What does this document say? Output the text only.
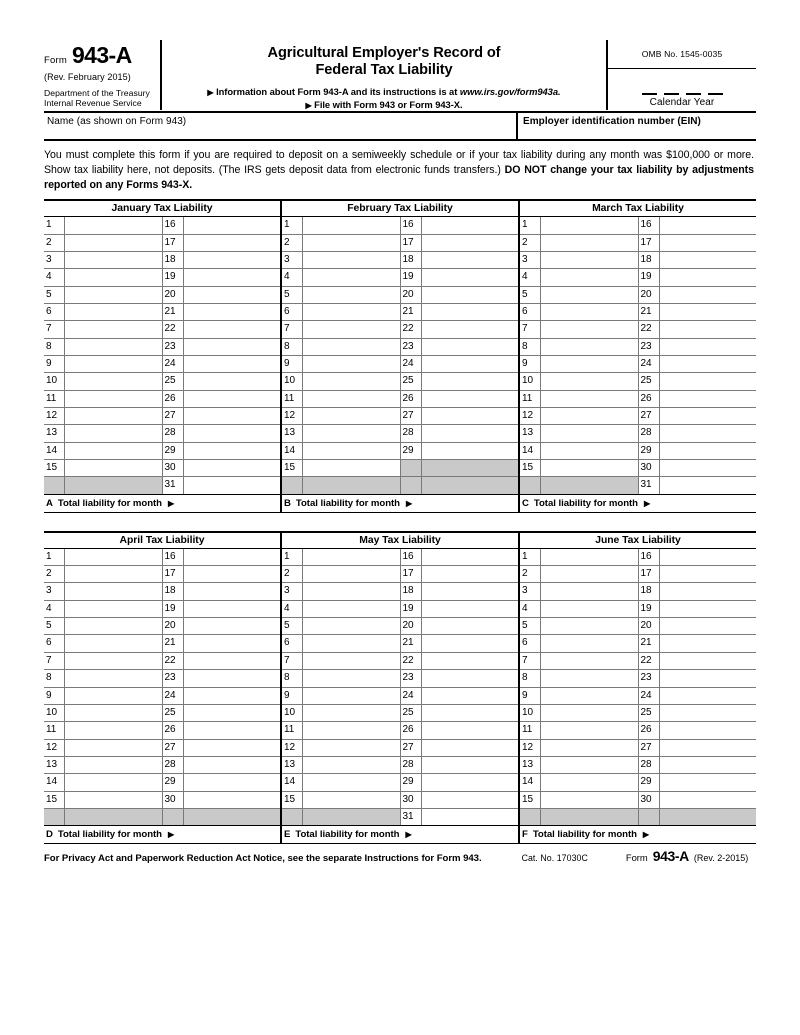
Form 943-A
(Rev. February 2015)
Department of the Treasury
Internal Revenue Service
Agricultural Employer's Record of
Federal Tax Liability
▶ Information about Form 943-A and its instructions is at www.irs.gov/form943a.
▶ File with Form 943 or Form 943-X.
OMB No. 1545-0035
Calendar Year
Name (as shown on Form 943)	Employer identification number (EIN)
You must complete this form if you are required to deposit on a semiweekly schedule or if your tax liability during any month was $100,000 or more. Show tax liability here, not deposits. (The IRS gets deposit data from electronic funds transfers.) DO NOT change your tax liability by adjustments reported on any Forms 943-X.
January Tax Liability
1	16
2	17
3	18
4	19
5	20
6	21
7	22
8	23
9	24
10	25
11	26
12	27
13	28
14	29
15	30
31
A Total liability for month ▶
February Tax Liability
1	16
2	17
3	18
4	19
5	20
6	21
7	22
8	23
9	24
10	25
11	26
12	27
13	28
14	29
15
B Total liability for month ▶
March Tax Liability
1	16
2	17
3	18
4	19
5	20
6	21
7	22
8	23
9	24
10	25
11	26
12	27
13	28
14	29
15	30
31
C Total liability for month ▶
April Tax Liability
1	16
2	17
3	18
4	19
5	20
6	21
7	22
8	23
9	24
10	25
11	26
12	27
13	28
14	29
15	30
D Total liability for month ▶
May Tax Liability
1	16
2	17
3	18
4	19
5	20
6	21
7	22
8	23
9	24
10	25
11	26
12	27
13	28
14	29
15	30
31
E Total liability for month ▶
June Tax Liability
1	16
2	17
3	18
4	19
5	20
6	21
7	22
8	23
9	24
10	25
11	26
12	27
13	28
14	29
15	30
F Total liability for month ▶
For Privacy Act and Paperwork Reduction Act Notice, see the separate Instructions for Form 943.	Cat. No. 17030C	Form 943-A (Rev. 2-2015)
